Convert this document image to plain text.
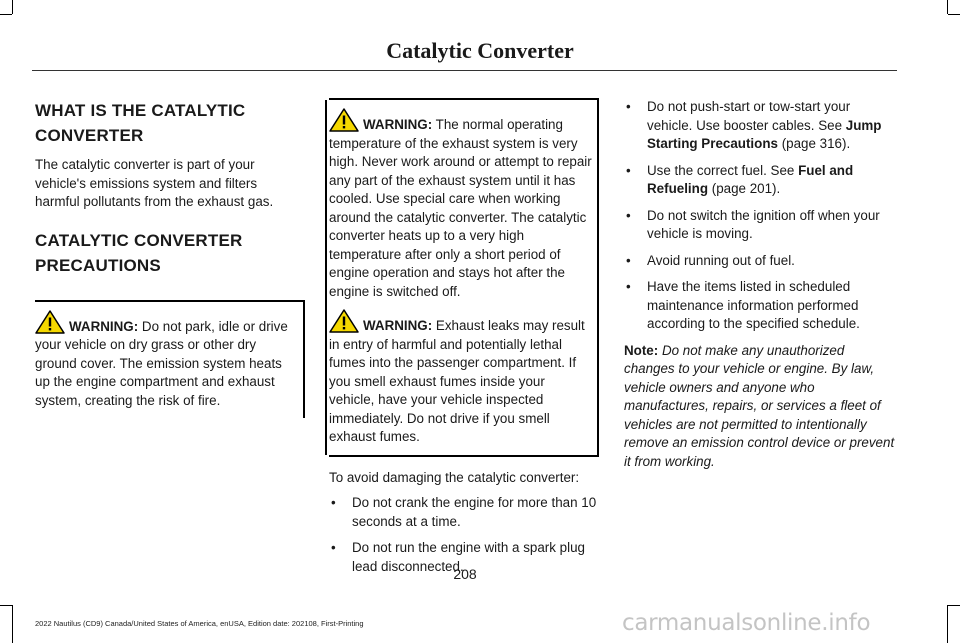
Catalytic Converter
WHAT IS THE CATALYTIC CONVERTER

The catalytic converter is part of your vehicle's emissions system and filters harmful pollutants from the exhaust gas.

CATALYTIC CONVERTER PRECAUTIONS

WARNING: Do not park, idle or drive your vehicle on dry grass or other dry ground cover. The emission system heats up the engine compartment and exhaust system, creating the risk of fire.

WARNING: The normal operating temperature of the exhaust system is very high. Never work around or attempt to repair any part of the exhaust system until it has cooled. Use special care when working around the catalytic converter. The catalytic converter heats up to a very high temperature after only a short period of engine operation and stays hot after the engine is switched off.

WARNING: Exhaust leaks may result in entry of harmful and potentially lethal fumes into the passenger compartment. If you smell exhaust fumes inside your vehicle, have your vehicle inspected immediately. Do not drive if you smell exhaust fumes.

To avoid damaging the catalytic converter:

• Do not crank the engine for more than 10 seconds at a time.
• Do not run the engine with a spark plug lead disconnected.
• Do not push-start or tow-start your vehicle. Use booster cables. See Jump Starting Precautions (page 316).
• Use the correct fuel. See Fuel and Refueling (page 201).
• Do not switch the ignition off when your vehicle is moving.
• Avoid running out of fuel.
• Have the items listed in scheduled maintenance information performed according to the specified schedule.

Note: Do not make any unauthorized changes to your vehicle or engine. By law, vehicle owners and anyone who manufactures, repairs, or services a fleet of vehicles are not permitted to intentionally remove an emission control device or prevent it from working.

208
2022 Nautilus (CD9) Canada/United States of America, enUSA, Edition date: 202108, First-Printing	carmanualsonline.info
